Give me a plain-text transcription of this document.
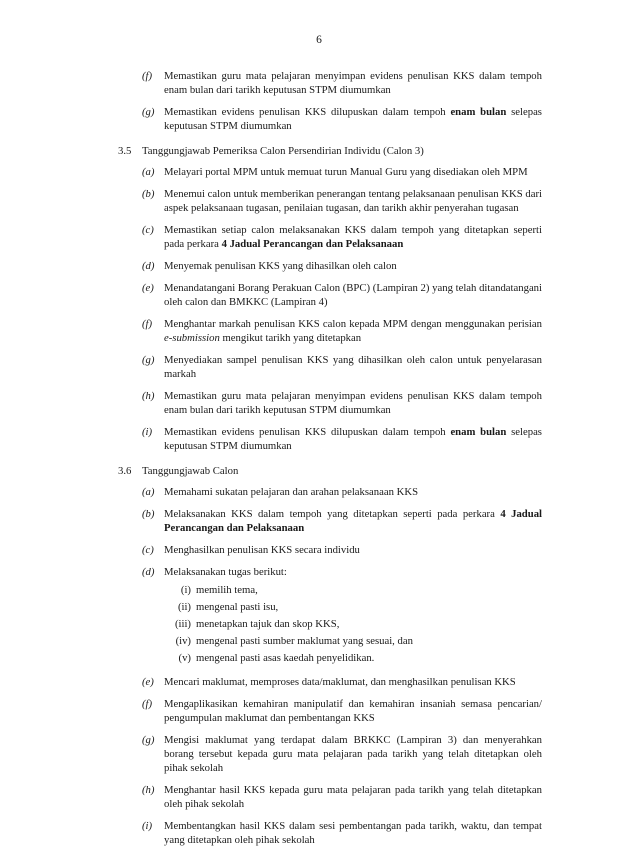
6
(f) Memastikan guru mata pelajaran menyimpan evidens penulisan KKS dalam tempoh enam bulan dari tarikh keputusan STPM diumumkan
(g) Memastikan evidens penulisan KKS dilupuskan dalam tempoh enam bulan selepas keputusan STPM diumumkan
3.5 Tanggungjawab Pemeriksa Calon Persendirian Individu (Calon 3)
(a) Melayari portal MPM untuk memuat turun Manual Guru yang disediakan oleh MPM
(b) Menemui calon untuk memberikan penerangan tentang pelaksanaan penulisan KKS dari aspek pelaksanaan tugasan, penilaian tugasan, dan tarikh akhir penyerahan tugasan
(c) Memastikan setiap calon melaksanakan KKS dalam tempoh yang ditetapkan seperti pada perkara 4 Jadual Perancangan dan Pelaksanaan
(d) Menyemak penulisan KKS yang dihasilkan oleh calon
(e) Menandatangani Borang Perakuan Calon (BPC) (Lampiran 2) yang telah ditandatangani oleh calon dan BMKKC (Lampiran 4)
(f) Menghantar markah penulisan KKS calon kepada MPM dengan menggunakan perisian e-submission mengikut tarikh yang ditetapkan
(g) Menyediakan sampel penulisan KKS yang dihasilkan oleh calon untuk penyelarasan markah
(h) Memastikan guru mata pelajaran menyimpan evidens penulisan KKS dalam tempoh enam bulan dari tarikh keputusan STPM diumumkan
(i) Memastikan evidens penulisan KKS dilupuskan dalam tempoh enam bulan selepas keputusan STPM diumumkan
3.6 Tanggungjawab Calon
(a) Memahami sukatan pelajaran dan arahan pelaksanaan KKS
(b) Melaksanakan KKS dalam tempoh yang ditetapkan seperti pada perkara 4 Jadual Perancangan dan Pelaksanaan
(c) Menghasilkan penulisan KKS secara individu
(d) Melaksanakan tugas berikut:
(i) memilih tema,
(ii) mengenal pasti isu,
(iii) menetapkan tajuk dan skop KKS,
(iv) mengenal pasti sumber maklumat yang sesuai, dan
(v) mengenal pasti asas kaedah penyelidikan.
(e) Mencari maklumat, memproses data/maklumat, dan menghasilkan penulisan KKS
(f) Mengaplikasikan kemahiran manipulatif dan kemahiran insaniah semasa pencarian/ pengumpulan maklumat dan pembentangan KKS
(g) Mengisi maklumat yang terdapat dalam BRKKC (Lampiran 3) dan menyerahkan borang tersebut kepada guru mata pelajaran pada tarikh yang telah ditetapkan oleh pihak sekolah
(h) Menghantar hasil KKS kepada guru mata pelajaran pada tarikh yang telah ditetapkan oleh pihak sekolah
(i) Membentangkan hasil KKS dalam sesi pembentangan pada tarikh, waktu, dan tempat yang ditetapkan oleh pihak sekolah
